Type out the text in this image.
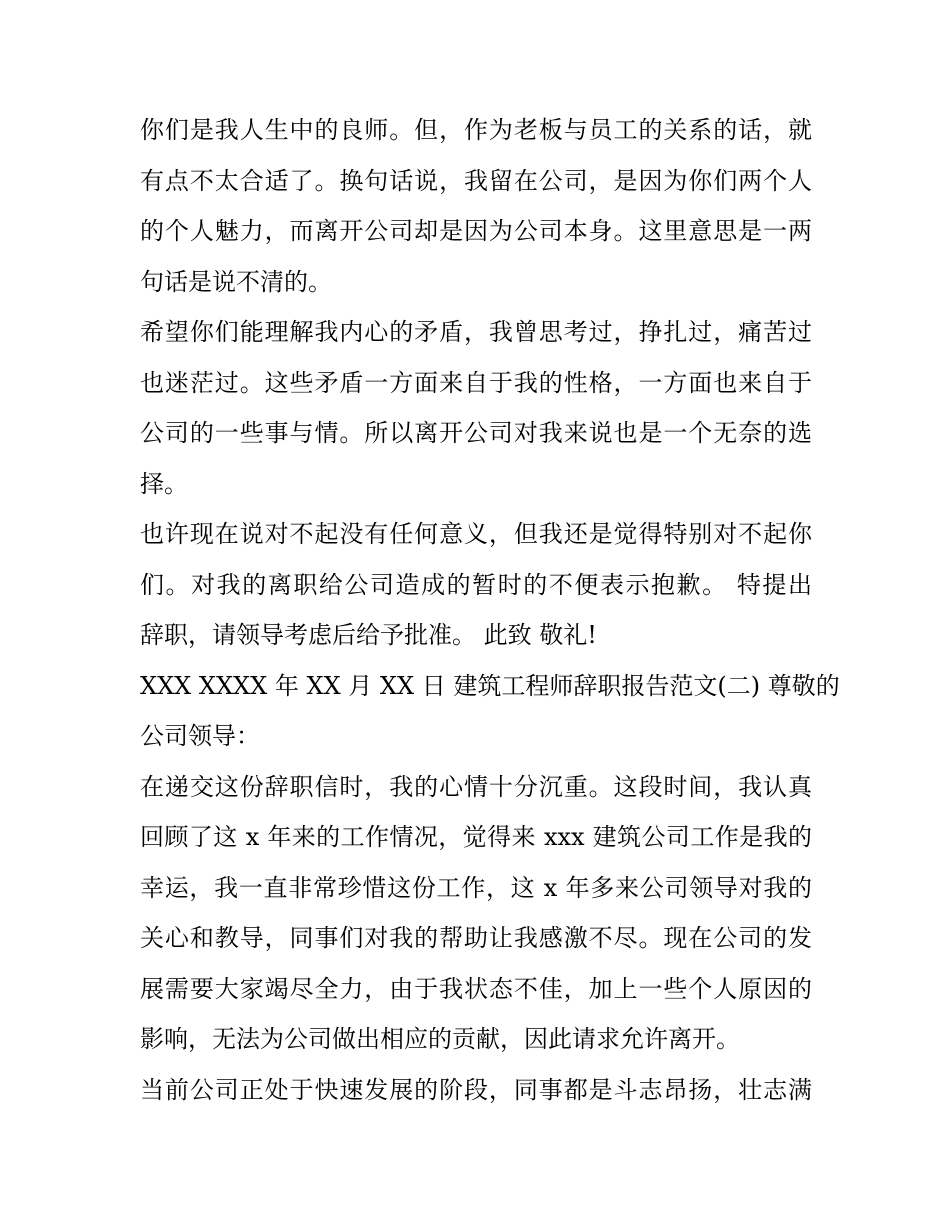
你们是我人生中的良师。但，作为老板与员工的关系的话，就
有点不太合适了。换句话说，我留在公司，是因为你们两个人
的个人魅力，而离开公司却是因为公司本身。这里意思是一两
句话是说不清的。
希望你们能理解我内心的矛盾，我曾思考过，挣扎过，痛苦过
也迷茫过。这些矛盾一方面来自于我的性格，一方面也来自于
公司的一些事与情。所以离开公司对我来说也是一个无奈的选
择。
也许现在说对不起没有任何意义，但我还是觉得特别对不起你
们。对我的离职给公司造成的暂时的不便表示抱歉。 特提出
辞职，请领导考虑后给予批准。 此致 敬礼!
XXX XXXX 年 XX 月 XX 日 建筑工程师辞职报告范文(二) 尊敬的
公司领导：
在递交这份辞职信时，我的心情十分沉重。这段时间，我认真
回顾了这 x 年来的工作情况，觉得来 xxx 建筑公司工作是我的
幸运，我一直非常珍惜这份工作，这 x 年多来公司领导对我的
关心和教导，同事们对我的帮助让我感激不尽。现在公司的发
展需要大家竭尽全力，由于我状态不佳，加上一些个人原因的
影响，无法为公司做出相应的贡献，因此请求允许离开。
当前公司正处于快速发展的阶段，同事都是斗志昂扬，壮志满
